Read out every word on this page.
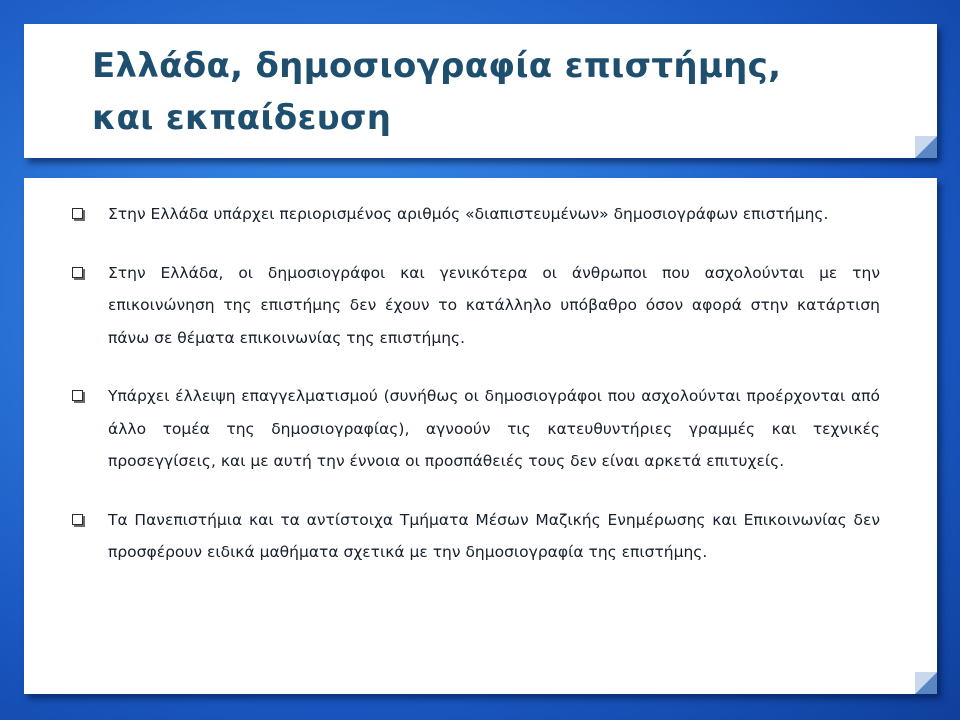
Ελλάδα, δημοσιογραφία επιστήμης,
και εκπαίδευση
Στην Ελλάδα υπάρχει περιορισμένος αριθμός «διαπιστευμένων» δημοσιογράφων επιστήμης.
Στην Ελλάδα, οι δημοσιογράφοι και γενικότερα οι άνθρωποι που ασχολούνται με την επικοινώνηση της επιστήμης δεν έχουν το κατάλληλο υπόβαθρο όσον αφορά στην κατάρτιση πάνω σε θέματα επικοινωνίας της επιστήμης.
Υπάρχει έλλειψη επαγγελματισμού (συνήθως οι δημοσιογράφοι που ασχολούνται προέρχονται από άλλο τομέα της δημοσιογραφίας), αγνοούν τις κατευθυντήριες γραμμές και τεχνικές προσεγγίσεις, και με αυτή την έννοια οι προσπάθειές τους δεν είναι αρκετά επιτυχείς.
Τα Πανεπιστήμια και τα αντίστοιχα Τμήματα Μέσων Μαζικής Ενημέρωσης και Επικοινωνίας δεν προσφέρουν ειδικά μαθήματα σχετικά με την δημοσιογραφία της επιστήμης.
